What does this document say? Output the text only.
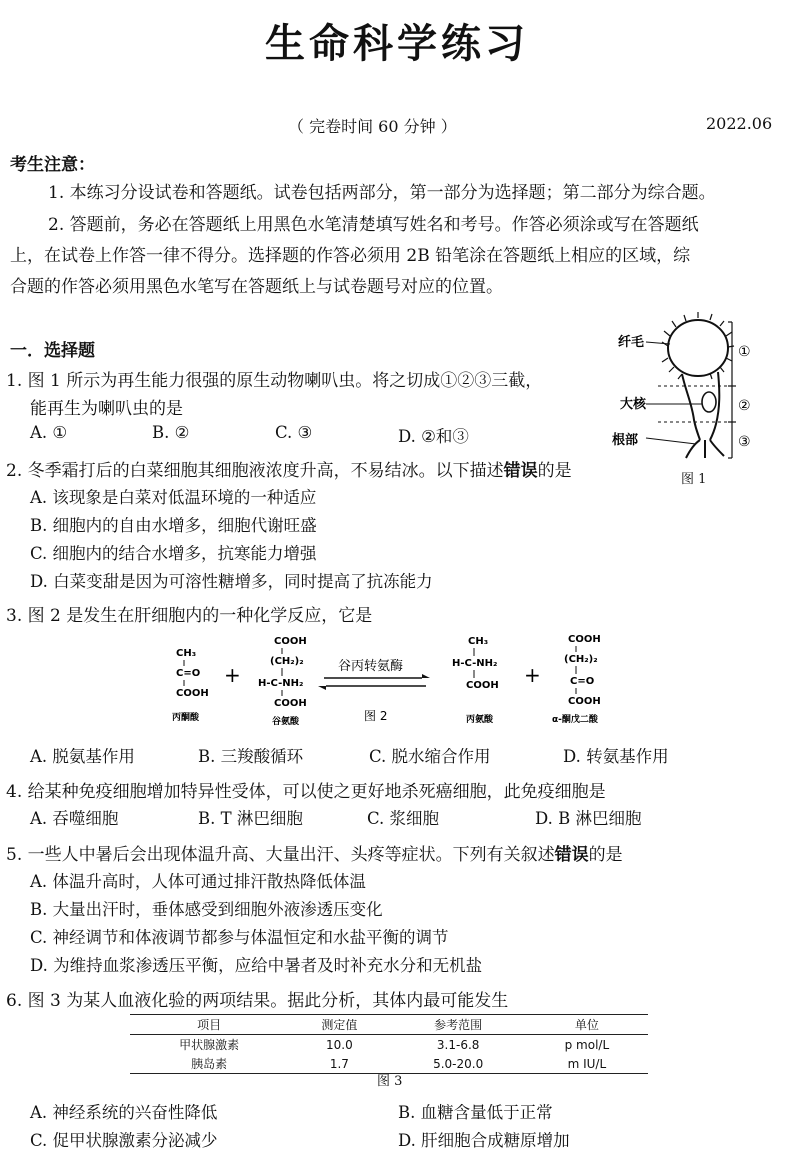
生命科学练习
（ 完卷时间 60 分钟 ）	2022.06
考生注意：
1. 本练习分设试卷和答题纸。试卷包括两部分，第一部分为选择题；第二部分为综合题。
2. 答题前，务必在答题纸上用黑色水笔清楚填写姓名和考号。作答必须涂或写在答题纸
上，在试卷上作答一律不得分。选择题的作答必须用 2B 铅笔涂在答题纸上相应的区域，综
合题的作答必须用黑色水笔写在答题纸上与试卷题号对应的位置。
一．选择题
1. 图 1 所示为再生能力很强的原生动物喇叭虫。将之切成①②③三截，
能再生为喇叭虫的是
A. ①	B. ②	C. ③	D. ②和③
纤毛
大核
根部
①
②
③
图 1
2. 冬季霜打后的白菜细胞其细胞液浓度升高，不易结冰。以下描述错误的是
A. 该现象是白菜对低温环境的一种适应
B. 细胞内的自由水增多，细胞代谢旺盛
C. 细胞内的结合水增多，抗寒能力增强
D. 白菜变甜是因为可溶性糖增多，同时提高了抗冻能力
3. 图 2 是发生在肝细胞内的一种化学反应，它是
CH₃
C=O
COOH
丙酮酸
+
COOH
(CH₂)₂
H-C-NH₂
COOH
谷氨酸
谷丙转氨酶
图 2
CH₃
H-C-NH₂
COOH
丙氨酸
+
COOH
(CH₂)₂
C=O
COOH
α-酮戊二酸
A. 脱氨基作用	B. 三羧酸循环	C. 脱水缩合作用	D. 转氨基作用
4. 给某种免疫细胞增加特异性受体，可以使之更好地杀死癌细胞，此免疫细胞是
A. 吞噬细胞	B. T 淋巴细胞	C. 浆细胞	D. B 淋巴细胞
5. 一些人中暑后会出现体温升高、大量出汗、头疼等症状。下列有关叙述错误的是
A. 体温升高时，人体可通过排汗散热降低体温
B. 大量出汗时，垂体感受到细胞外液渗透压变化
C. 神经调节和体液调节都参与体温恒定和水盐平衡的调节
D. 为维持血浆渗透压平衡，应给中暑者及时补充水分和无机盐
6. 图 3 为某人血液化验的两项结果。据此分析，其体内最可能发生
项目	测定值	参考范围	单位
甲状腺激素	10.0	3.1-6.8	p mol/L
胰岛素	1.7	5.0-20.0	m IU/L
图 3
A. 神经系统的兴奋性降低	B. 血糖含量低于正常
C. 促甲状腺激素分泌减少	D. 肝细胞合成糖原增加
